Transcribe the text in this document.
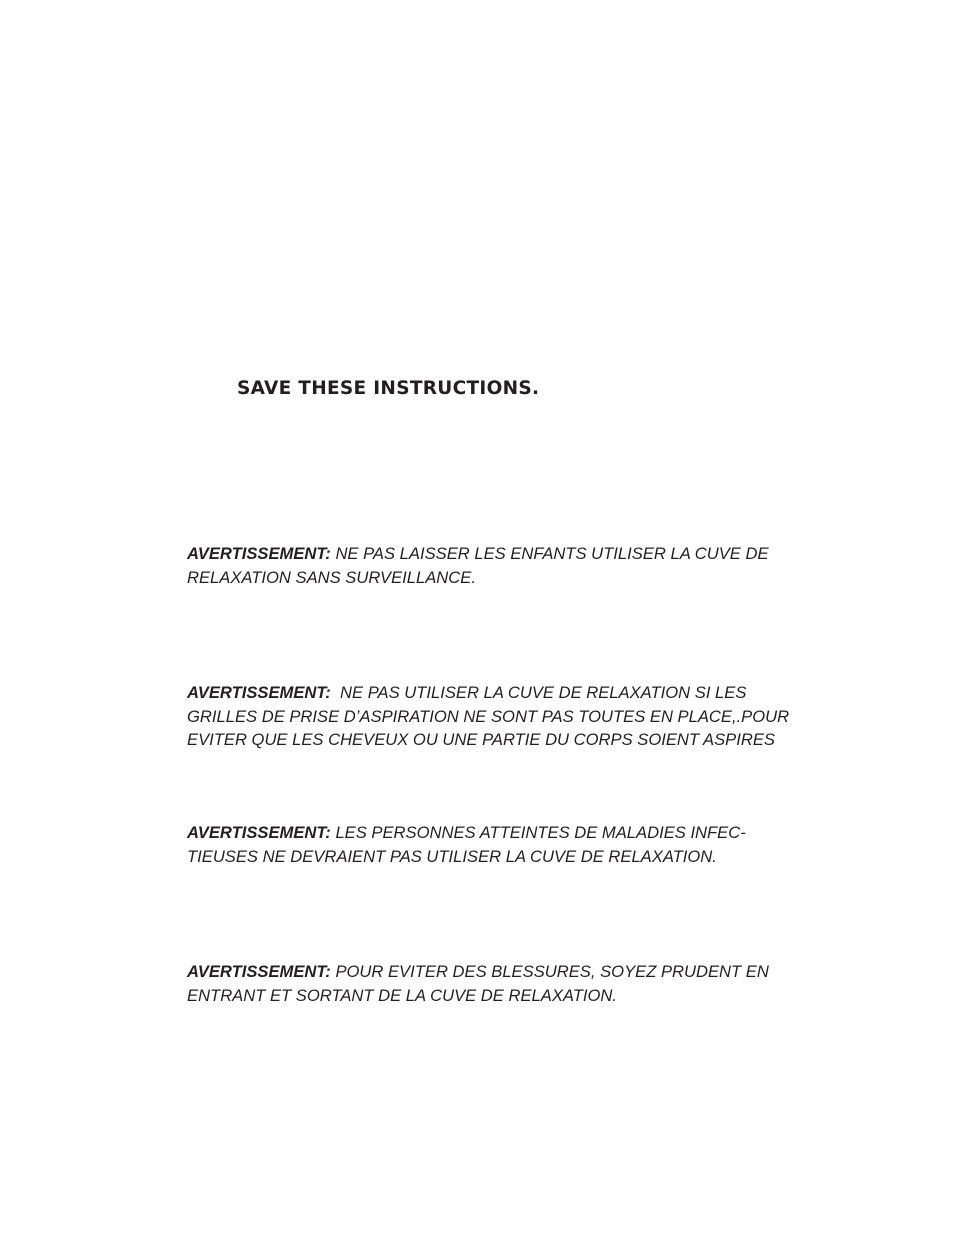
SAVE THESE INSTRUCTIONS.

AVERTISSEMENT: NE PAS LAISSER LES ENFANTS UTILISER LA CUVE DE
RELAXATION SANS SURVEILLANCE.

AVERTISSEMENT:  NE PAS UTILISER LA CUVE DE RELAXATION SI LES
GRILLES DE PRISE D’ASPIRATION NE SONT PAS TOUTES EN PLACE,.POUR
EVITER QUE LES CHEVEUX OU UNE PARTIE DU CORPS SOIENT ASPIRES

AVERTISSEMENT: LES PERSONNES ATTEINTES DE MALADIES INFEC-
TIEUSES NE DEVRAIENT PAS UTILISER LA CUVE DE RELAXATION.

AVERTISSEMENT: POUR EVITER DES BLESSURES, SOYEZ PRUDENT EN
ENTRANT ET SORTANT DE LA CUVE DE RELAXATION.
